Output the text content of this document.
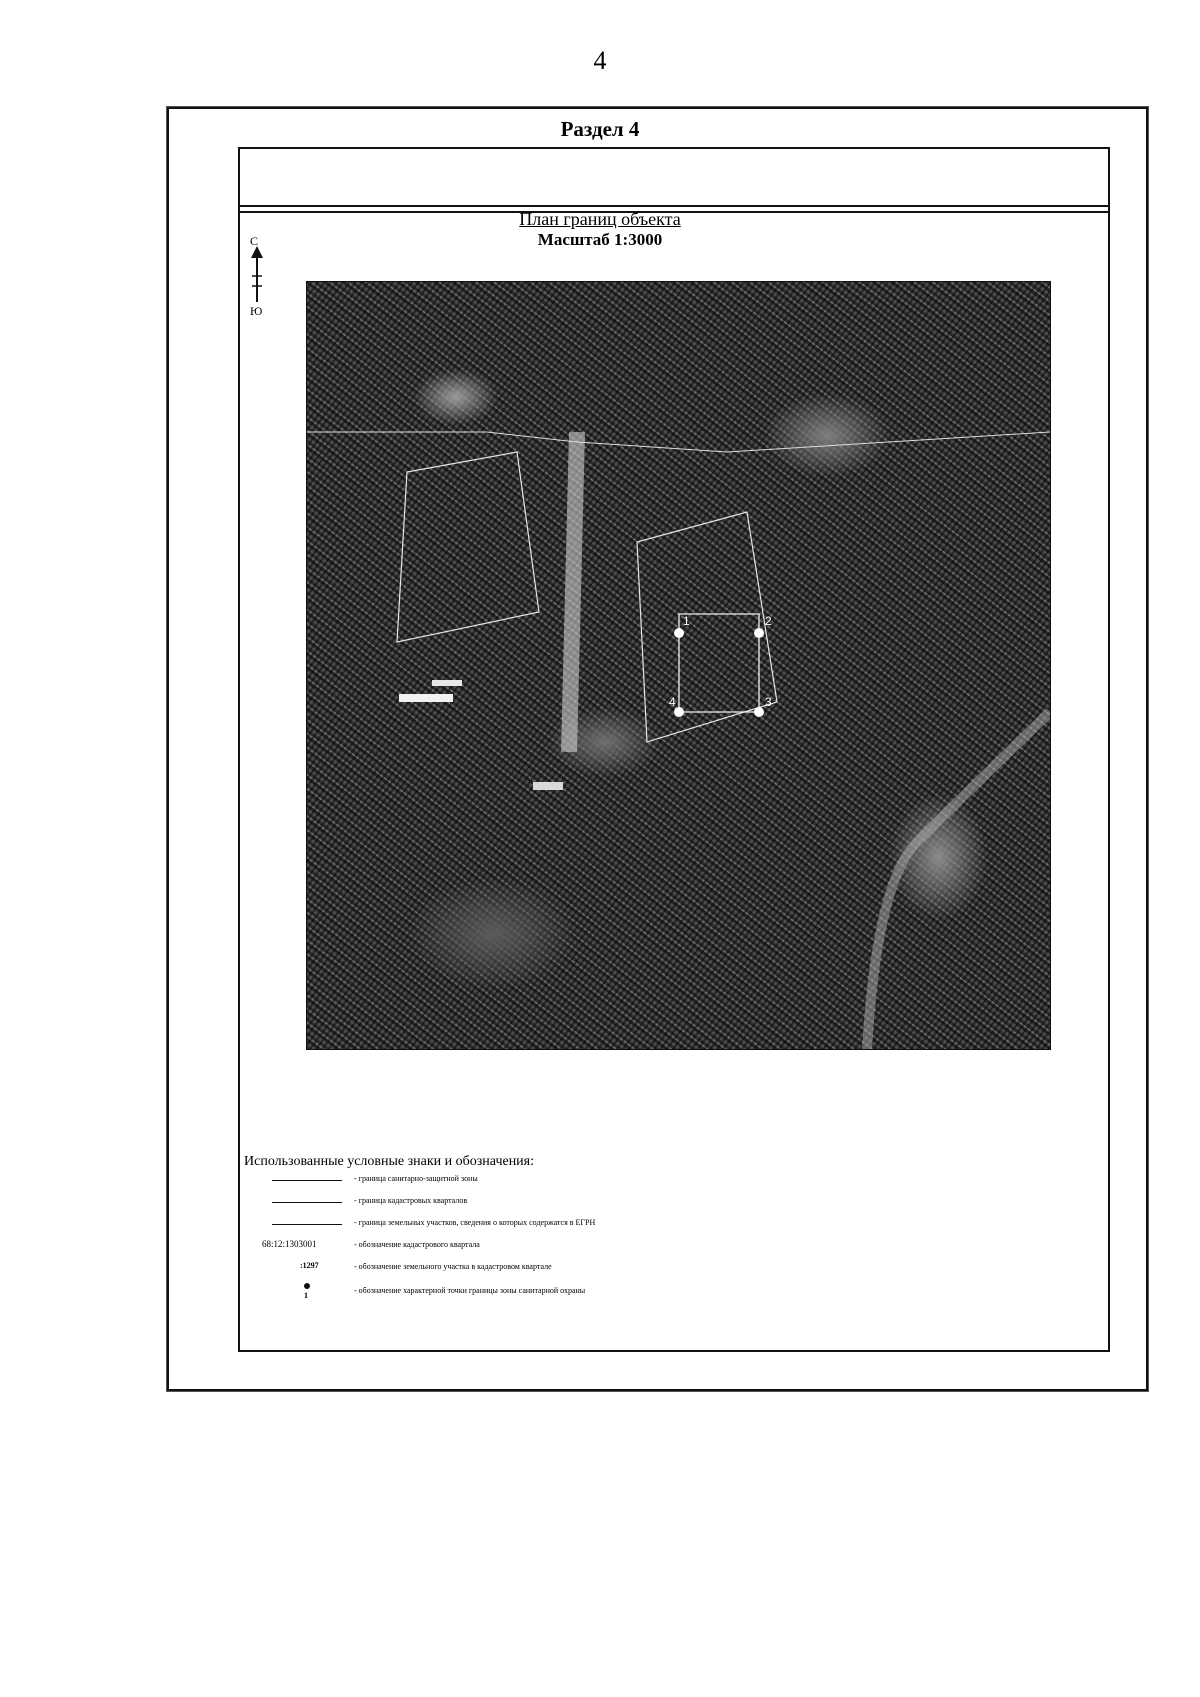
4
Раздел 4
План границ объекта
Масштаб 1:3000
С
Ю
1	2
3
4
Использованные условные знаки и обозначения:
- граница санитарно-защитной зоны
- граница кадастровых кварталов
- граница земельных участков, сведения о которых содержатся в ЕГРН
68:12:1303001	- обозначение кадастрового квартала
:1297	- обозначение земельного участка в кадастровом квартале
1
- обозначение характерной точки границы зоны санитарной охраны
